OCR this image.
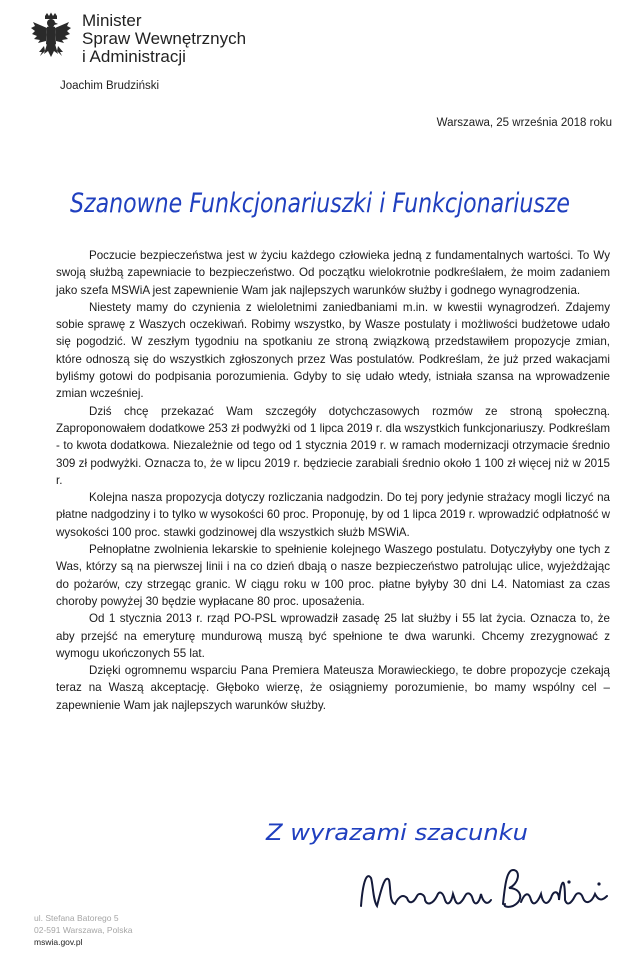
Minister
Spraw Wewnętrznych
i Administracji
Joachim Brudziński
Warszawa, 25 września 2018 roku
Szanowne Funkcjonariuszki i Funkcjonariusze

Poczucie bezpieczeństwa jest w życiu każdego człowieka jedną z fundamentalnych wartości. To Wy swoją służbą zapewniacie to bezpieczeństwo. Od początku wielokrotnie podkreślałem, że moim zadaniem jako szefa MSWiA jest zapewnienie Wam jak najlepszych warunków służby i godnego wynagrodzenia.

Niestety mamy do czynienia z wieloletnimi zaniedbaniami m.in. w kwestii wynagrodzeń. Zdajemy sobie sprawę z Waszych oczekiwań. Robimy wszystko, by Wasze postulaty i możliwości budżetowe udało się pogodzić. W zeszłym tygodniu na spotkaniu ze stroną związkową przedstawiłem propozycje zmian, które odnoszą się do wszystkich zgłoszonych przez Was postulatów. Podkreślam, że już przed wakacjami byliśmy gotowi do podpisania porozumienia. Gdyby to się udało wtedy, istniała szansa na wprowadzenie zmian wcześniej.

Dziś chcę przekazać Wam szczegóły dotychczasowych rozmów ze stroną społeczną. Zaproponowałem dodatkowe 253 zł podwyżki od 1 lipca 2019 r. dla wszystkich funkcjonariuszy. Podkreślam - to kwota dodatkowa. Niezależnie od tego od 1 stycznia 2019 r. w ramach modernizacji otrzymacie średnio 309 zł podwyżki. Oznacza to, że w lipcu 2019 r. będziecie zarabiali średnio około 1 100 zł więcej niż w 2015 r.

Kolejna nasza propozycja dotyczy rozliczania nadgodzin. Do tej pory jedynie strażacy mogli liczyć na płatne nadgodziny i to tylko w wysokości 60 proc. Proponuję, by od 1 lipca 2019 r. wprowadzić odpłatność w wysokości 100 proc. stawki godzinowej dla wszystkich służb MSWiA.

Pełnopłatne zwolnienia lekarskie to spełnienie kolejnego Waszego postulatu. Dotyczyłyby one tych z Was, którzy są na pierwszej linii i na co dzień dbają o nasze bezpieczeństwo patrolując ulice, wyjeżdżając do pożarów, czy strzegąc granic. W ciągu roku w 100 proc. płatne byłyby 30 dni L4. Natomiast za czas choroby powyżej 30 będzie wypłacane 80 proc. uposażenia.

Od 1 stycznia 2013 r. rząd PO-PSL wprowadził zasadę 25 lat służby i 55 lat życia. Oznacza to, że aby przejść na emeryturę mundurową muszą być spełnione te dwa warunki. Chcemy zrezygnować z wymogu ukończonych 55 lat.

Dzięki ogromnemu wsparciu Pana Premiera Mateusza Morawieckiego, te dobre propozycje czekają teraz na Waszą akceptację. Głęboko wierzę, że osiągniemy porozumienie, bo mamy wspólny cel – zapewnienie Wam jak najlepszych warunków służby.

Z wyrazami szacunku
ul. Stefana Batorego 5
02-591 Warszawa, Polska
mswia.gov.pl
